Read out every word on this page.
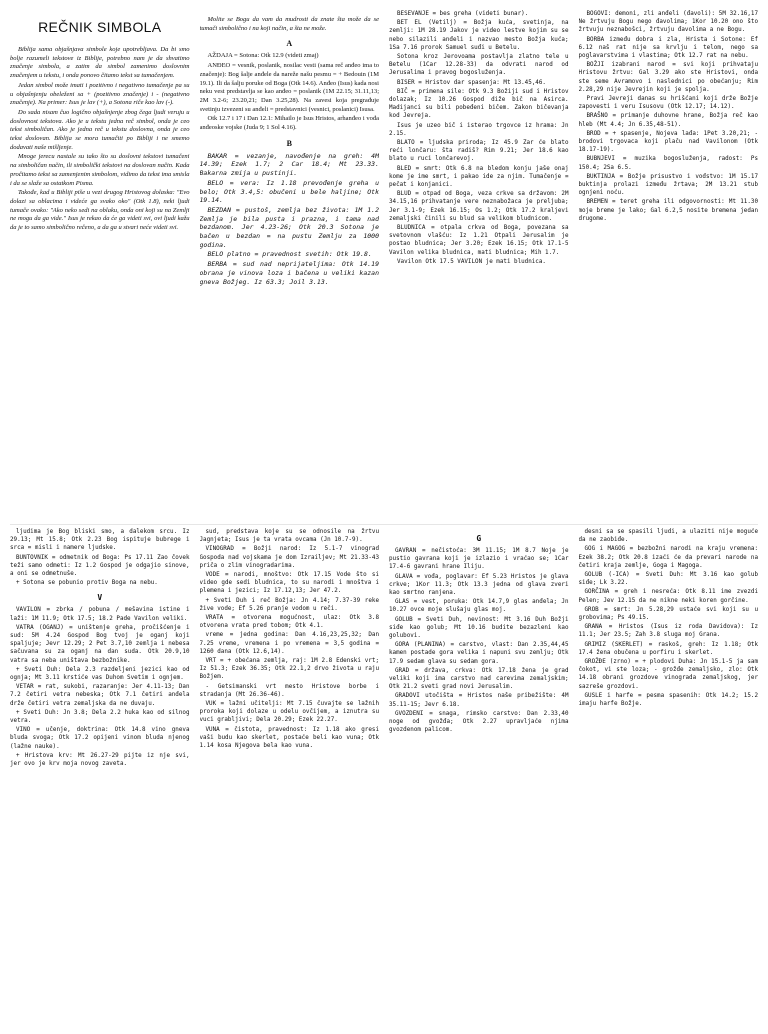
REČNIK SIMBOLA

Biblija sama objašnjava simbole koje upotrebljava. Da bi smo bolje razumeli tekstove iz Biblije, potrebno nam je da shvatimo značenje simbola, a zatim da simbol zamenimo doslovnim značenjem u tekstu, i onda ponovo čitamo tekst sa tumačenjem.

Jedan simbol može imati i pozitivno i negativno tumačenje pa su u objašnjenju obeleženi sa + (pozitivno značenje) i - (negativno značenje). Na primer: Isus je lav (+), a Sotona riče kao lav (-).

Do sada nisam čuo logično objašnjenje zbog čega ljudi veruju u doslovnost tekstova. Ako je u tekstu jedna reč simbol, onda je ceo tekst simboličan. Ako je jedna reč u tekstu doslovna, onda je ceo tekst doslovan. Biblija se mora tumačiti po Bibliji i ne smemo dodavati naše mišljenje.

Mnoge jereси nastale su tako što su doslovni tekstovi tumačeni na simboličan način, ili simbolički tekstovi na doslovan način. Kada pročitamo tekst sa zamenjenim simbolom, vidimo da tekst ima smisla i da se slaže sa ostatkom Pisma.

Takođe, kad u Bibliji piše u vezi drugog Hristovog dolaska: "Evo dolazi sa oblacima i videće ga svako oko" (Otk 1.8), neki ljudi tumače ovako: "Ako neko sedi na oblaku, onda oni koji su na Zemlji ne mogu da ga vide." Isus je rekao da će ga videti svi, ovi ljudi kažu da je to samo simbolično rečeno, a da ga u stvari neće videti svi.

Molite se Bogu da vam da mudrosti da znate šta može da se tumači simbolično i na koji način, a šta ne može.

A

AŽDAJA = Sotona: Otk 12.9 (videti zmaj)

ANĐEO = vesnik, poslanik, nosilac vesti (sama reč anđeo ima to značenje): Bog šalje anđele da nareže našu pesmu = + Bedouin (1M 19.1). Ili da šalju poruke od Boga (Otk 14.6). Anđeo (Isus) kada nosi neku vest predstavlja se kao anđeo = poslanik (1M 22.15; 31.11,13; 2M 3.2-6; 23.20,21; Dan 3.25,28). Na zavesi koja pregrađuje svetinju izvezeni su anđeli = predstavnici (vesnici, poslanici) Isusa.

Otk 12.7 i 17 i Dan 12.1: Mihailo je Isus Hristos, arhanđeo i vođa anđeoske vojske (Juda 9; 1 Sol 4.16).

B

BAKAR = vezanje, navođenje na greh: 4M 14.39; Ezek 1.7; 2 Car 18.4; Mt 23.33. Bakarna zmija u pustinji.

BELO = vera: Iz 1.18 prevođenje greha u belo; Otk 3.4,5: obučeni u bele haljine; Otk 19.14.

BEZDAN = pustoš, zemlja bez života: 1M 1.2 Zemlja je bila pusta i prazna, i tama nad bezdanom. Jer 4.23-26; Otk 20.3 Sotona je bačen u bezdan = na pustu Zemlju za 1000 godina.

BELO platno = pravednost svetih: Otk 19.8.

BERBA = sud nad neprijateljima: Otk 14.19 obrana je vinova loza i bačena u veliki kazan gneva Božjeg. Iz 63.3; Joil 3.13.

BESEVANJE = bes greha (videti bunar).

BET EL (Vetilj) = Božja kuća, svetinja, na zemlji: 1M 28.19 Jakov je video lestve kojim su se nebo silazili anđeli i nazvao mesto Božja kuća; 1Sa 7.16 prorok Samuel suđi u Betelu.

Sotona kroz Jerovoama postavlja zlatno tele u Betelu (1Car 12.28-33) da odvrati narod od Jerusalima i pravog bogosluženja.

BISER = Hristov dar spasenja: Mt 13.45,46.

BIČ = primena sile: Otk 9.3 Božiji sud i Hristov dolazak; Iz 10.26 Gospod diže bič na Asirca. Madijanci su bili pobeđeni bičem. Zakon bičevanja kod Jevreja.

Isus je uzeo bič i isterao trgovce iz hrama: Jn 2.15.

BLATO = ljudska priroda; Iz 45.9 Zar će blato reći lončaru: šta radiš? Rim 9.21; Jer 18.6 kao blato u ruci lončarevoj.

BLED = smrt: Otk 6.8 na bledom konju jaše onaj kome je ime smrt, i pakao ide za njim. Tumačenje = pečat i konjanici.

BLUD = otpad od Boga, veza crkve sa državom: 2M 34.15,16 prihvatanje vere neznabožaca je preljuba; Jer 3.1-9; Ezek 16.15; Os 1.2; Otk 17.2 kraljevi zemaljski činili su blud sa velikom bludnicom.

BLUDNICA = otpala crkva od Boga, povezana sa svetovnom vlašću: Iz 1.21 Otpali Jerusalim je postao bludnica; Jer 3.20; Ezek 16.15; Otk 17.1-5 Vavilon velika bludnica, mati bludnica; Mih 1.7.

Vavilon Otk 17.5 VAVILON je mati bludnica.

BOGOVI: demoni, zli anđeli (đavoli): 5M 32.16,17 Ne žrtvuju Bogu nego đavolima; 1Kor 10.20 ono što žrtvuju neznabošci, žrtvuju đavolima a ne Bogu.

BORBA između dobra i zla, Hrista i Sotone: Ef 6.12 naš rat nije sa krvlju i telom, nego sa poglavarstvima i vlastima; Otk 12.7 rat na nebu.

BOŽJI izabrani narod = svi koji prihvataju Hristovu žrtvu: Gal 3.29 ako ste Hristovi, onda ste seme Avramovo i naslednici po obećanju; Rim 2.28,29 nije Jevrejin koji je spolja.

Pravi Jevreji danas su hrišćani koji drže Božje zapovesti i veru Isusovu (Otk 12.17; 14.12).

BRAŠNO = primanje duhovne hrane, Božja reč kao hleb (Mt 4.4; Jn 6.35,48-51).

BROD = + spasenje, Nojeva lađa: 1Pet 3.20,21; - brodovi trgovaca koji plaču nad Vavilonom (Otk 18.17-19).

BUBNJEVI = muzika bogosluženja, radost: Ps 150.4; 2Sa 6.5.

BUKTINJA = Božje prisustvo i vođstvo: 1M 15.17 buktinja prolazi između žrtava; 2M 13.21 stub ognjeni noću.

BREMEN = teret greha ili odgovornosti: Mt 11.30 moje breme je lako; Gal 6.2,5 nosite bremena jedan drugome.

ljudima je Bog bliski smo, a dalekom srcu. Iz 29.13; Mt 15.8; Otk 2.23 Bog ispituje bubrege i srca = misli i namere ljudske.

BUNTOVNIK = odmetnik od Boga: Ps 17.11 Zao čovek teži samo odmeti: Iz 1.2 Gospod je odgajio sinove, a oni se odmetnuše.

+ Sotona se pobunio protiv Boga na nebu.

V

VAVILON = zbrka / pobuna / mešavina istine i laži: 1M 11.9; Otk 17.5; 18.2 Pade Vavilon veliki.

VATRA (OGANJ) = uništenje greha, pročišćenje i sud: 5M 4.24 Gospod Bog tvoj je oganj koji spaljuje; Jevr 12.29; 2 Pet 3.7,10 zemlja i nebesa sačuvana su za oganj na dan suda. Otk 20.9,10 vatra sa neba uništava bezbožnike.

+ Sveti Duh: Dela 2.3 razdeljeni jezici kao od ognja; Mt 3.11 krstiće vas Duhom Svetim i ognjem.

VETAR = rat, sukobi, razaranje: Jer 4.11-13; Dan 7.2 četiri vetra nebeska; Otk 7.1 četiri anđela drže četiri vetra zemaljska da ne duvaju.

+ Sveti Duh: Jn 3.8; Dela 2.2 huka kao od silnog vetra.

VINO = učenje, doktrina: Otk 14.8 vino gneva bluda svoga; Otk 17.2 opijeni vinom bluda njenog (lažne nauke).

+ Hristova krv: Mt 26.27-29 pijte iz nje svi, jer ovo je krv moja novog zaveta.

sud, predstava koje su se odnosile na žrtvu Jagnjeta; Isus je ta vrata ovcama (Jn 10.7-9).

VINOGRAD = Božji narod: Iz 5.1-7 vinograd Gospoda nad vojskama je dom Izrailjev; Mt 21.33-43 priča o zlim vinogradarima.

VODE = narodi, mnoštvo: Otk 17.15 Vode što si video gde sedi bludnica, to su narodi i mnoštva i plemena i jezici; Iz 17.12,13; Jer 47.2.

+ Sveti Duh i reč Božja: Jn 4.14; 7.37-39 reke žive vode; Ef 5.26 pranje vodom u reči.

VRATA = otvorena mogućnost, ulaz: Otk 3.8 otvorena vrata pred tobom; Otk 4.1.

vreme = jedna godina: Dan 4.16,23,25,32; Dan 7.25 vreme, vremena i po vremena = 3,5 godina = 1260 dana (Otk 12.6,14).

VRT = + obećana zemlja, raj: 1M 2.8 Edenski vrt; Iz 51.3; Ezek 36.35; Otk 22.1,2 drvo života u raju Božjem.

- Getsimanski vrt mesto Hristove borbe i stradanja (Mt 26.36-46).

VUK = lažni učitelji: Mt 7.15 čuvajte se lažnih proroka koji dolaze u odelu ovčijem, a iznutra su vuci grabljivi; Dela 20.29; Ezek 22.27.

VUNA = čistota, pravednost: Iz 1.18 ako gresi vaši budu kao skerlet, postaće beli kao vuna; Otk 1.14 kosa Njegova bela kao vuna.

G

GAVRAN = nečistoća: 3M 11.15; 1M 8.7 Noje je pustio gavrana koji je izlazio i vraćao se; 1Car 17.4-6 gavrani hrane Iliju.

GLAVA = vođa, poglavar: Ef 5.23 Hristos je glava crkve; 1Kor 11.3; Otk 13.3 jedna od glava zveri kao smrtno ranjena.

GLAS = vest, poruka: Otk 14.7,9 glas anđela; Jn 10.27 ovce moje slušaju glas moj.

GOLUB = Sveti Duh, nevinost: Mt 3.16 Duh Božji siđe kao golub; Mt 10.16 budite bezazleni kao golubovi.

GORA (PLANINA) = carstvo, vlast: Dan 2.35,44,45 kamen postade gora velika i napuni svu zemlju; Otk 17.9 sedam glava su sedam gora.

GRAD = država, crkva: Otk 17.18 žena je grad veliki koji ima carstvo nad carevima zemaljskim; Otk 21.2 sveti grad novi Jerusalim.

GRADOVI utočišta = Hristos naše pribežište: 4M 35.11-15; Jevr 6.18.

GVOZDENI = snaga, rimsko carstvo: Dan 2.33,40 noge od gvožđa; Otk 2.27 upravljaće njima gvozdenom palicom.

desni sa se spasili ljudi, a ulaziti nije moguće da ne zaobiđe.

GOG i MAGOG = bezbožni narodi na kraju vremena: Ezek 38.2; Otk 20.8 izaći će da prevari narode na četiri kraja zemlje, Goga i Magoga.

GOLUB (-ICA) = Sveti Duh: Mt 3.16 kao golub siđe; Lk 3.22.

GORČINA = greh i nesreća: Otk 8.11 ime zvezdi Pelen; Jev 12.15 da ne nikne neki koren gorčine.

GROB = smrt: Jn 5.28,29 ustaće svi koji su u grobovima; Ps 49.15.

GRANA = Hristos (Isus iz roda Davidova): Iz 11.1; Jer 23.5; Zah 3.8 sluga moj Grana.

GRIMIZ (SKERLET) = raskoš, greh: Iz 1.18; Otk 17.4 žena obučena u porfiru i skerlet.

GROŽĐE (zrno) = + plodovi Duha: Jn 15.1-5 ja sam čokot, vi ste loza; - grožđe zemaljsko, zlo: Otk 14.18 obrani grozdove vinograda zemaljskog, jer sazreše grozdovi.

GUSLE i harfe = pesma spasenih: Otk 14.2; 15.2 imaju harfe Božje.
